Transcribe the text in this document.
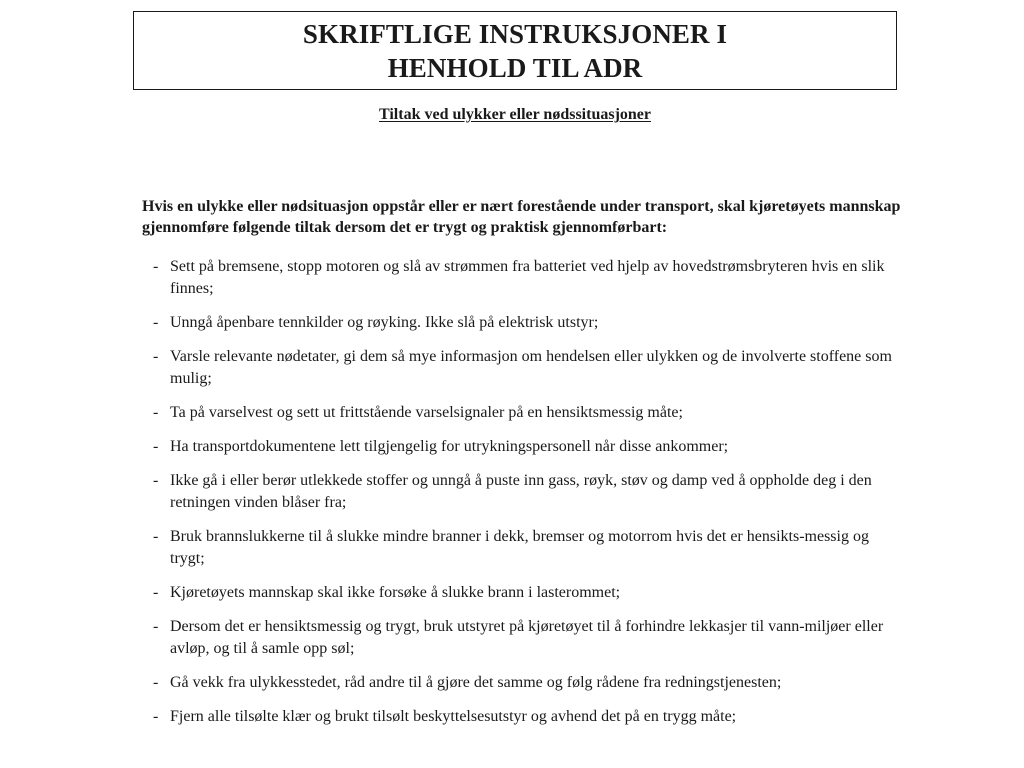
SKRIFTLIGE INSTRUKSJONER I
HENHOLD TIL ADR
Tiltak ved ulykker eller nødssituasjoner
Hvis en ulykke eller nødsituasjon oppstår eller er nært forestående under transport, skal kjøretøyets mannskap gjennomføre følgende tiltak dersom det er trygt og praktisk gjennomførbart:
- Sett på bremsene, stopp motoren og slå av strømmen fra batteriet ved hjelp av hovedstrømsbryteren hvis en slik finnes;
- Unngå åpenbare tennkilder og røyking. Ikke slå på elektrisk utstyr;
- Varsle relevante nødetater, gi dem så mye informasjon om hendelsen eller ulykken og de involverte stoffene som mulig;
- Ta på varselvest og sett ut frittstående varselsignaler på en hensiktsmessig måte;
- Ha transportdokumentene lett tilgjengelig for utrykningspersonell når disse ankommer;
- Ikke gå i eller berør utlekkede stoffer og unngå å puste inn gass, røyk, støv og damp ved å oppholde deg i den retningen vinden blåser fra;
- Bruk brannslukkerne til å slukke mindre branner i dekk, bremser og motorrom hvis det er hensikts-messig og trygt;
- Kjøretøyets mannskap skal ikke forsøke å slukke brann i lasterommet;
- Dersom det er hensiktsmessig og trygt, bruk utstyret på kjøretøyet til å forhindre lekkasjer til vann-miljøer eller avløp, og til å samle opp søl;
- Gå vekk fra ulykkesstedet, råd andre til å gjøre det samme og følg rådene fra redningstjenesten;
- Fjern alle tilsølte klær og brukt tilsølt beskyttelsesutstyr og avhend det på en trygg måte;
